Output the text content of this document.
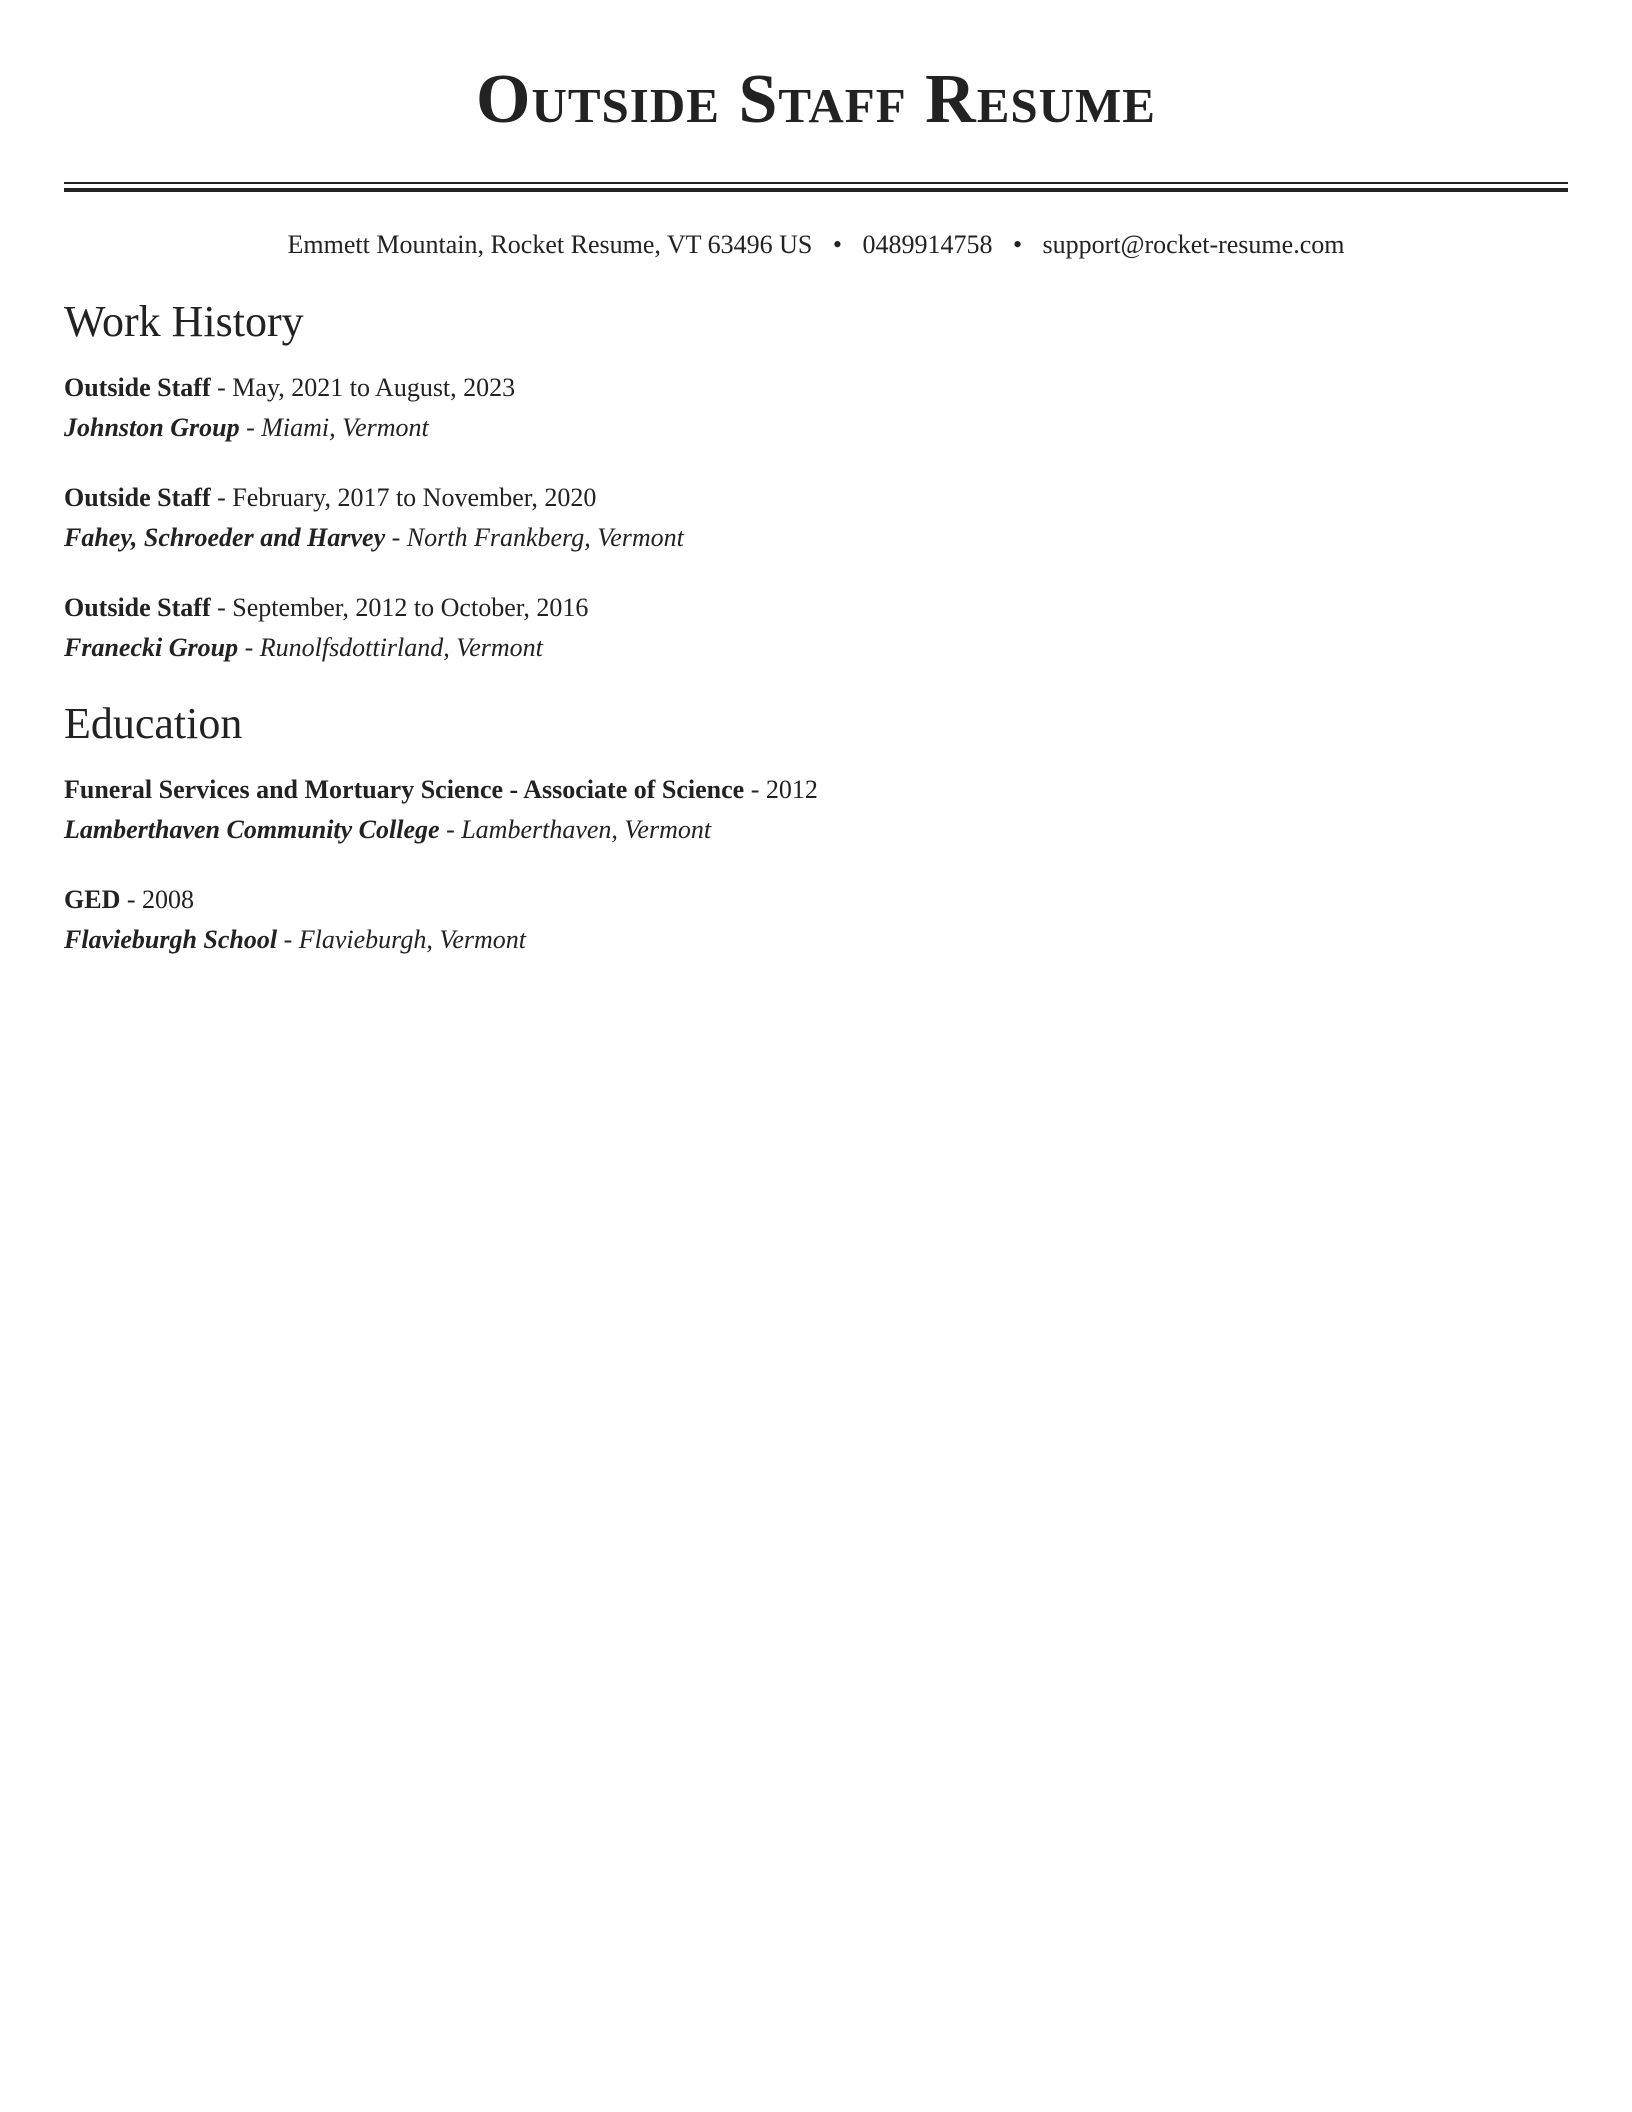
Outside Staff Resume
Emmett Mountain, Rocket Resume, VT 63496 US • 0489914758 • support@rocket-resume.com
Work History
Outside Staff - May, 2021 to August, 2023
Johnston Group - Miami, Vermont
Outside Staff - February, 2017 to November, 2020
Fahey, Schroeder and Harvey - North Frankberg, Vermont
Outside Staff - September, 2012 to October, 2016
Franecki Group - Runolfsdottirland, Vermont
Education
Funeral Services and Mortuary Science - Associate of Science - 2012
Lamberthaven Community College - Lamberthaven, Vermont
GED - 2008
Flavieburgh School - Flavieburgh, Vermont
